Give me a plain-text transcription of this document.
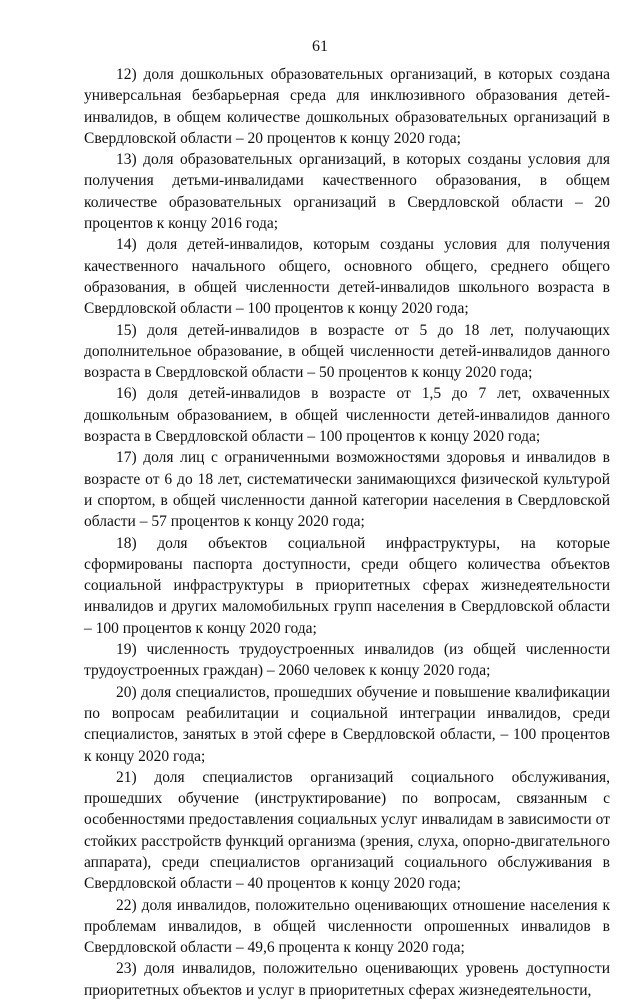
61

12) доля дошкольных образовательных организаций, в которых создана универсальная безбарьерная среда для инклюзивного образования детей-инвалидов, в общем количестве дошкольных образовательных организаций в Свердловской области – 20 процентов к концу 2020 года;

13) доля образовательных организаций, в которых созданы условия для получения детьми-инвалидами качественного образования, в общем количестве образовательных организаций в Свердловской области – 20 процентов к концу 2016 года;

14) доля детей-инвалидов, которым созданы условия для получения качественного начального общего, основного общего, среднего общего образования, в общей численности детей-инвалидов школьного возраста в Свердловской области – 100 процентов к концу 2020 года;

15) доля детей-инвалидов в возрасте от 5 до 18 лет, получающих дополнительное образование, в общей численности детей-инвалидов данного возраста в Свердловской области – 50 процентов к концу 2020 года;

16) доля детей-инвалидов в возрасте от 1,5 до 7 лет, охваченных дошкольным образованием, в общей численности детей-инвалидов данного возраста в Свердловской области – 100 процентов к концу 2020 года;

17) доля лиц с ограниченными возможностями здоровья и инвалидов в возрасте от 6 до 18 лет, систематически занимающихся физической культурой и спортом, в общей численности данной категории населения в Свердловской области – 57 процентов к концу 2020 года;

18) доля объектов социальной инфраструктуры, на которые сформированы паспорта доступности, среди общего количества объектов социальной инфраструктуры в приоритетных сферах жизнедеятельности инвалидов и других маломобильных групп населения в Свердловской области – 100 процентов к концу 2020 года;

19) численность трудоустроенных инвалидов (из общей численности трудоустроенных граждан) – 2060 человек к концу 2020 года;

20) доля специалистов, прошедших обучение и повышение квалификации по вопросам реабилитации и социальной интеграции инвалидов, среди специалистов, занятых в этой сфере в Свердловской области, – 100 процентов к концу 2020 года;

21) доля специалистов организаций социального обслуживания, прошедших обучение (инструктирование) по вопросам, связанным с особенностями предоставления социальных услуг инвалидам в зависимости от стойких расстройств функций организма (зрения, слуха, опорно-двигательного аппарата), среди специалистов организаций социального обслуживания в Свердловской области – 40 процентов к концу 2020 года;

22) доля инвалидов, положительно оценивающих отношение населения к проблемам инвалидов, в общей численности опрошенных инвалидов в Свердловской области – 49,6 процента к концу 2020 года;

23) доля инвалидов, положительно оценивающих уровень доступности приоритетных объектов и услуг в приоритетных сферах жизнедеятельности,
